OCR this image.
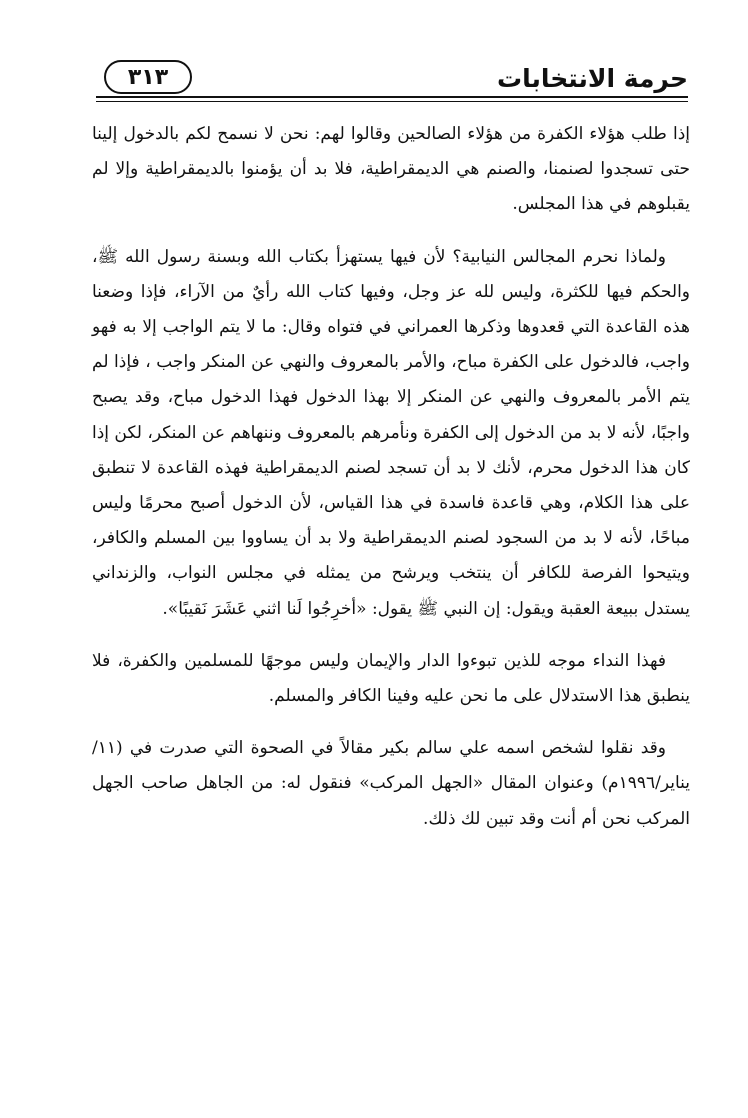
٣١٣	حرمة الانتخابات

إذا طلب هؤلاء الكفرة من هؤلاء الصالحين وقالوا لهم: نحن لا نسمح لكم بالدخول إلينا حتى تسجدوا لصنمنا، والصنم هي الديمقراطية، فلا بد أن يؤمنوا بالديمقراطية وإلا لم يقبلوهم في هذا المجلس.

ولماذا نحرم المجالس النيابية؟ لأن فيها يستهزأ بكتاب الله وبسنة رسول الله ﷺ، والحكم فيها للكثرة، وليس لله عز وجل، وفيها كتاب الله رأيٌ من الآراء، فإذا وضعنا هذه القاعدة التي قعدوها وذكرها العمراني في فتواه وقال: ما لا يتم الواجب إلا به فهو واجب، فالدخول على الكفرة مباح، والأمر بالمعروف والنهي عن المنكر واجب ، فإذا لم يتم الأمر بالمعروف والنهي عن المنكر إلا بهذا الدخول فهذا الدخول مباح، وقد يصبح واجبًا، لأنه لا بد من الدخول إلى الكفرة ونأمرهم بالمعروف وننهاهم عن المنكر، لكن إذا كان هذا الدخول محرم، لأنك لا بد أن تسجد لصنم الديمقراطية فهذه القاعدة لا تنطبق على هذا الكلام، وهي قاعدة فاسدة في هذا القياس، لأن الدخول أصبح محرمًا وليس مباحًا، لأنه لا بد من السجود لصنم الديمقراطية ولا بد أن يساووا بين المسلم والكافر، ويتيحوا الفرصة للكافر أن ينتخب ويرشح من يمثله في مجلس النواب، والزنداني يستدل ببيعة العقبة ويقول: إن النبي ﷺ يقول: «أخرِجُوا لَنا اثني عَشَرَ نَقيبًا».

فهذا النداء موجه للذين تبوءوا الدار والإيمان وليس موجهًا للمسلمين والكفرة، فلا ينطبق هذا الاستدلال على ما نحن عليه وفينا الكافر والمسلم.

وقد نقلوا لشخص اسمه علي سالم بكير مقالاً في الصحوة التي صدرت في (١١/يناير/١٩٩٦م) وعنوان المقال «الجهل المركب» فنقول له: من الجاهل صاحب الجهل المركب نحن أم أنت وقد تبين لك ذلك.
